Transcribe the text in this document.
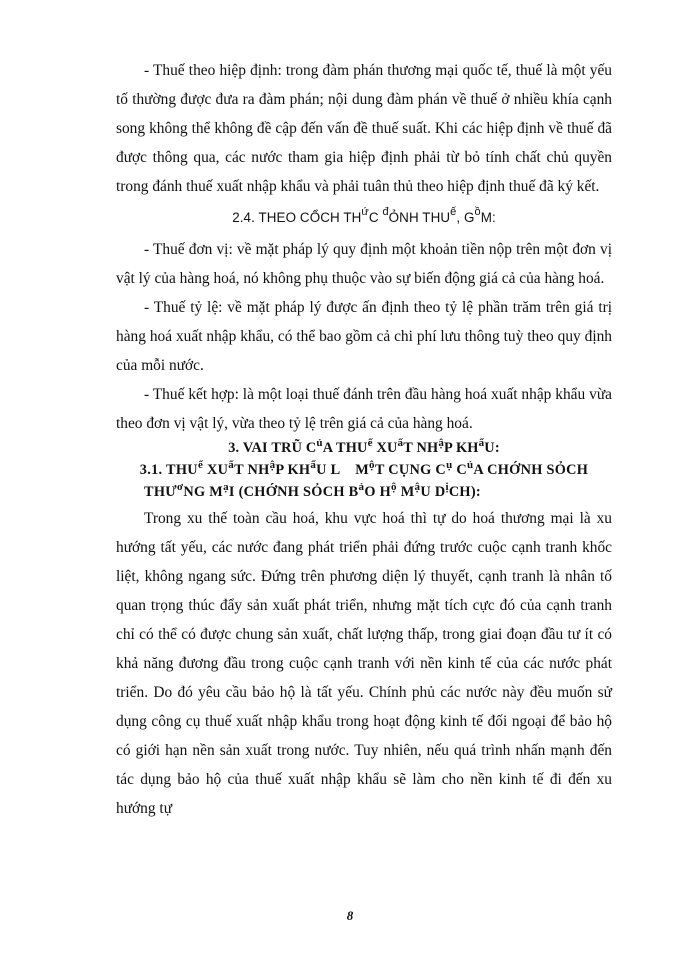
- Thuế theo hiệp định: trong đàm phán thương mại quốc tế, thuế là một yếu tố thường được đưa ra đàm phán; nội dung đàm phán về thuế ở nhiều khía cạnh song không thể không đề cập đến vấn đề thuế suất. Khi các hiệp định về thuế đã được thông qua, các nước tham gia hiệp định phải từ bỏ tính chất chủ quyền trong đánh thuế xuất nhập khẩu và phải tuân thủ theo hiệp định thuế đã ký kết.

2.4. THEO CỔCH $TH^ứC$ $^đ$ỎNH $THU^ế$, $G^ồM$:

- Thuế đơn vị: về mặt pháp lý quy định một khoản tiền nộp trên một đơn vị vật lý của hàng hoá, nó không phụ thuộc vào sự biến động giá cả của hàng hoá.

- Thuế tỷ lệ: về mặt pháp lý được ấn định theo tỷ lệ phần trăm trên giá trị hàng hoá xuất nhập khẩu, có thể bao gồm cả chi phí lưu thông tuỳ theo quy định của mỗi nước.

- Thuế kết hợp: là một loại thuế đánh trên đầu hàng hoá xuất nhập khẩu vừa theo đơn vị vật lý, vừa theo tỷ lệ trên giá cả của hàng hoá.

3. VAI TRŨ $C^ủA$ $THU^ế$ $XU^ấT$ $NH^ậP$ $KH^ẩU$:
3.1. $THU^ế$ $XU^ấT$ $NH^ậP$ $KH^ẩU$ L    $M^ộT$ CỤNG $C^ụ$ $C^ủA$ CHỚNH SỎCH
$THƯ^ơNG$ $M^ạI$ (CHỚNH SỎCH $B^ảO$ $H^ộ$ $M^ậU$ $D^ịCH$):

Trong xu thế toàn cầu hoá, khu vực hoá thì tự do hoá thương mại là xu hướng tất yếu, các nước đang phát triển phải đứng trước cuộc cạnh tranh khốc liệt, không ngang sức. Đứng trên phương diện lý thuyết, cạnh tranh là nhân tố quan trọng thúc đẩy sản xuất phát triển, nhưng mặt tích cực đó của cạnh tranh chỉ có thể có được chung sản xuất, chất lượng thấp, trong giai đoạn đầu tư ít có khả năng đương đầu trong cuộc cạnh tranh với nền kinh tế của các nước phát triển. Do đó yêu cầu bảo hộ là tất yếu. Chính phủ các nước này đều muốn sử dụng công cụ thuế xuất nhập khẩu trong hoạt động kinh tế đối ngoại để bảo hộ có giới hạn nền sản xuất trong nước. Tuy nhiên, nếu quá trình nhấn mạnh đến tác dụng bảo hộ của thuế xuất nhập khẩu sẽ làm cho nền kinh tế đi đến xu hướng tự

8
